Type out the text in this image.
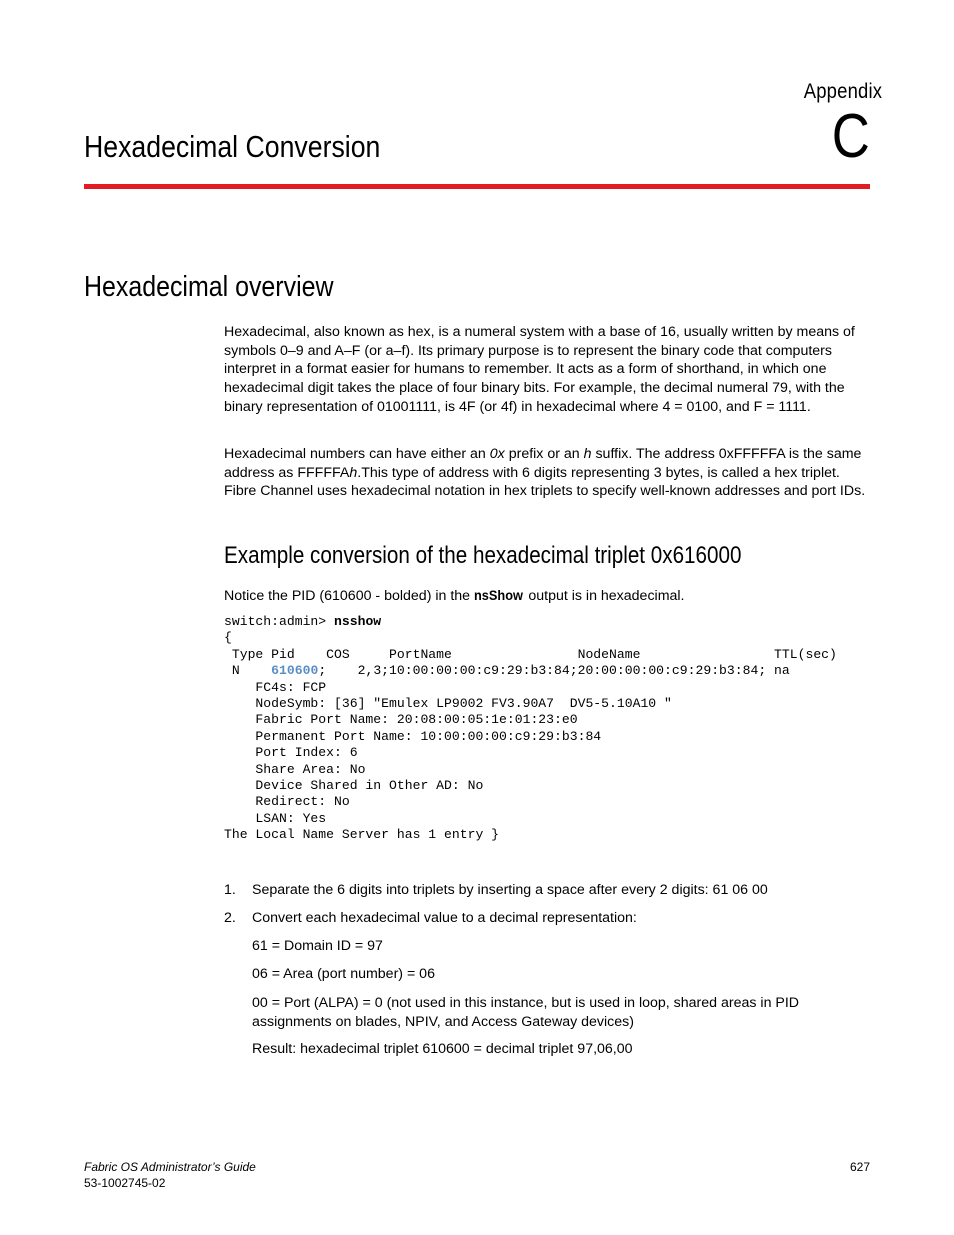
Appendix
C
Hexadecimal Conversion
Hexadecimal overview

Hexadecimal, also known as hex, is a numeral system with a base of 16, usually written by means of symbols 0–9 and A–F (or a–f). Its primary purpose is to represent the binary code that computers interpret in a format easier for humans to remember. It acts as a form of shorthand, in which one hexadecimal digit takes the place of four binary bits. For example, the decimal numeral 79, with the binary representation of 01001111, is 4F (or 4f) in hexadecimal where 4 = 0100, and F = 1111.

Hexadecimal numbers can have either an 0x prefix or an h suffix. The address 0xFFFFFA is the same address as FFFFFAh.This type of address with 6 digits representing 3 bytes, is called a hex triplet. Fibre Channel uses hexadecimal notation in hex triplets to specify well-known addresses and port IDs.

Example conversion of the hexadecimal triplet 0x616000

Notice the PID (610600 - bolded) in the nsShow output is in hexadecimal.

switch:admin> nsshow
{
Type Pid    COS     PortName                NodeName                 TTL(sec)
N    610600;    2,3;10:00:00:00:c9:29:b3:84;20:00:00:00:c9:29:b3:84; na
FC4s: FCP
NodeSymb: [36] "Emulex LP9002 FV3.90A7  DV5-5.10A10 "
Fabric Port Name: 20:08:00:05:1e:01:23:e0
Permanent Port Name: 10:00:00:00:c9:29:b3:84
Port Index: 6
Share Area: No
Device Shared in Other AD: No
Redirect: No
LSAN: Yes
The Local Name Server has 1 entry }
1. Separate the 6 digits into triplets by inserting a space after every 2 digits: 61 06 00
2. Convert each hexadecimal value to a decimal representation:

61 = Domain ID = 97

06 = Area (port number) = 06

00 = Port (ALPA) = 0 (not used in this instance, but is used in loop, shared areas in PID assignments on blades, NPIV, and Access Gateway devices)

Result: hexadecimal triplet 610600 = decimal triplet 97,06,00

Fabric OS Administrator’s Guide
53-1002745-02
627
